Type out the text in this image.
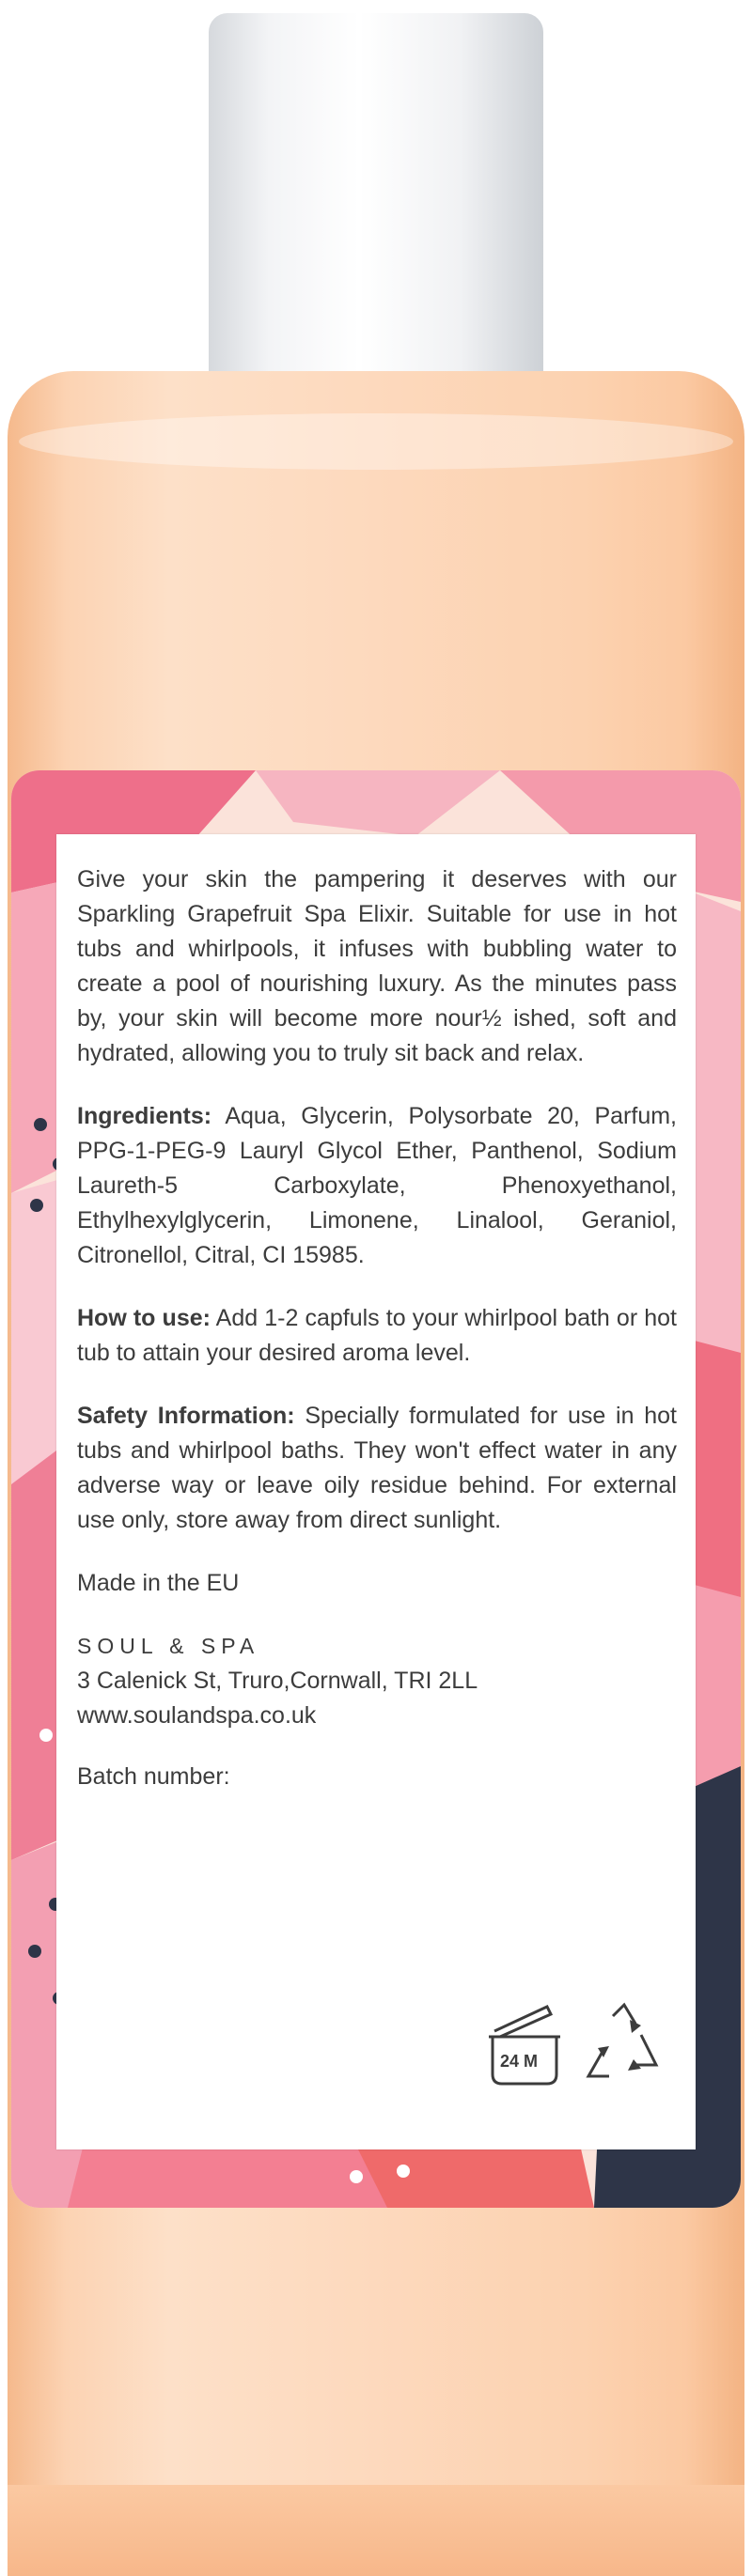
Give your skin the pampering it deserves with our Sparkling Grapefruit Spa Elixir. Suitable for use in hot tubs and whirlpools, it infuses with bubbling water to create a pool of nourishing luxury. As the minutes pass by, your skin will become more nour½ ished, soft and hydrated, allowing you to truly sit back and relax.

Ingredients: Aqua, Glycerin, Polysorbate 20, Parfum, PPG-1-PEG-9 Lauryl Glycol Ether, Panthenol, Sodium Laureth-5 Carboxylate, Phenoxyethanol, Ethylhexylglycerin, Limonene, Linalool, Geraniol, Citronellol, Citral, CI 15985.

How to use: Add 1-2 capfuls to your whirlpool bath or hot tub to attain your desired aroma level.

Safety Information: Specially formulated for use in hot tubs and whirlpool baths. They won't effect water in any adverse way or leave oily residue behind. For external use only, store away from direct sunlight.

Made in the EU

SOUL & SPA
3 Calenick St, Truro,Cornwall, TRI 2LL
www.soulandspa.co.uk

Batch number:

24 M
